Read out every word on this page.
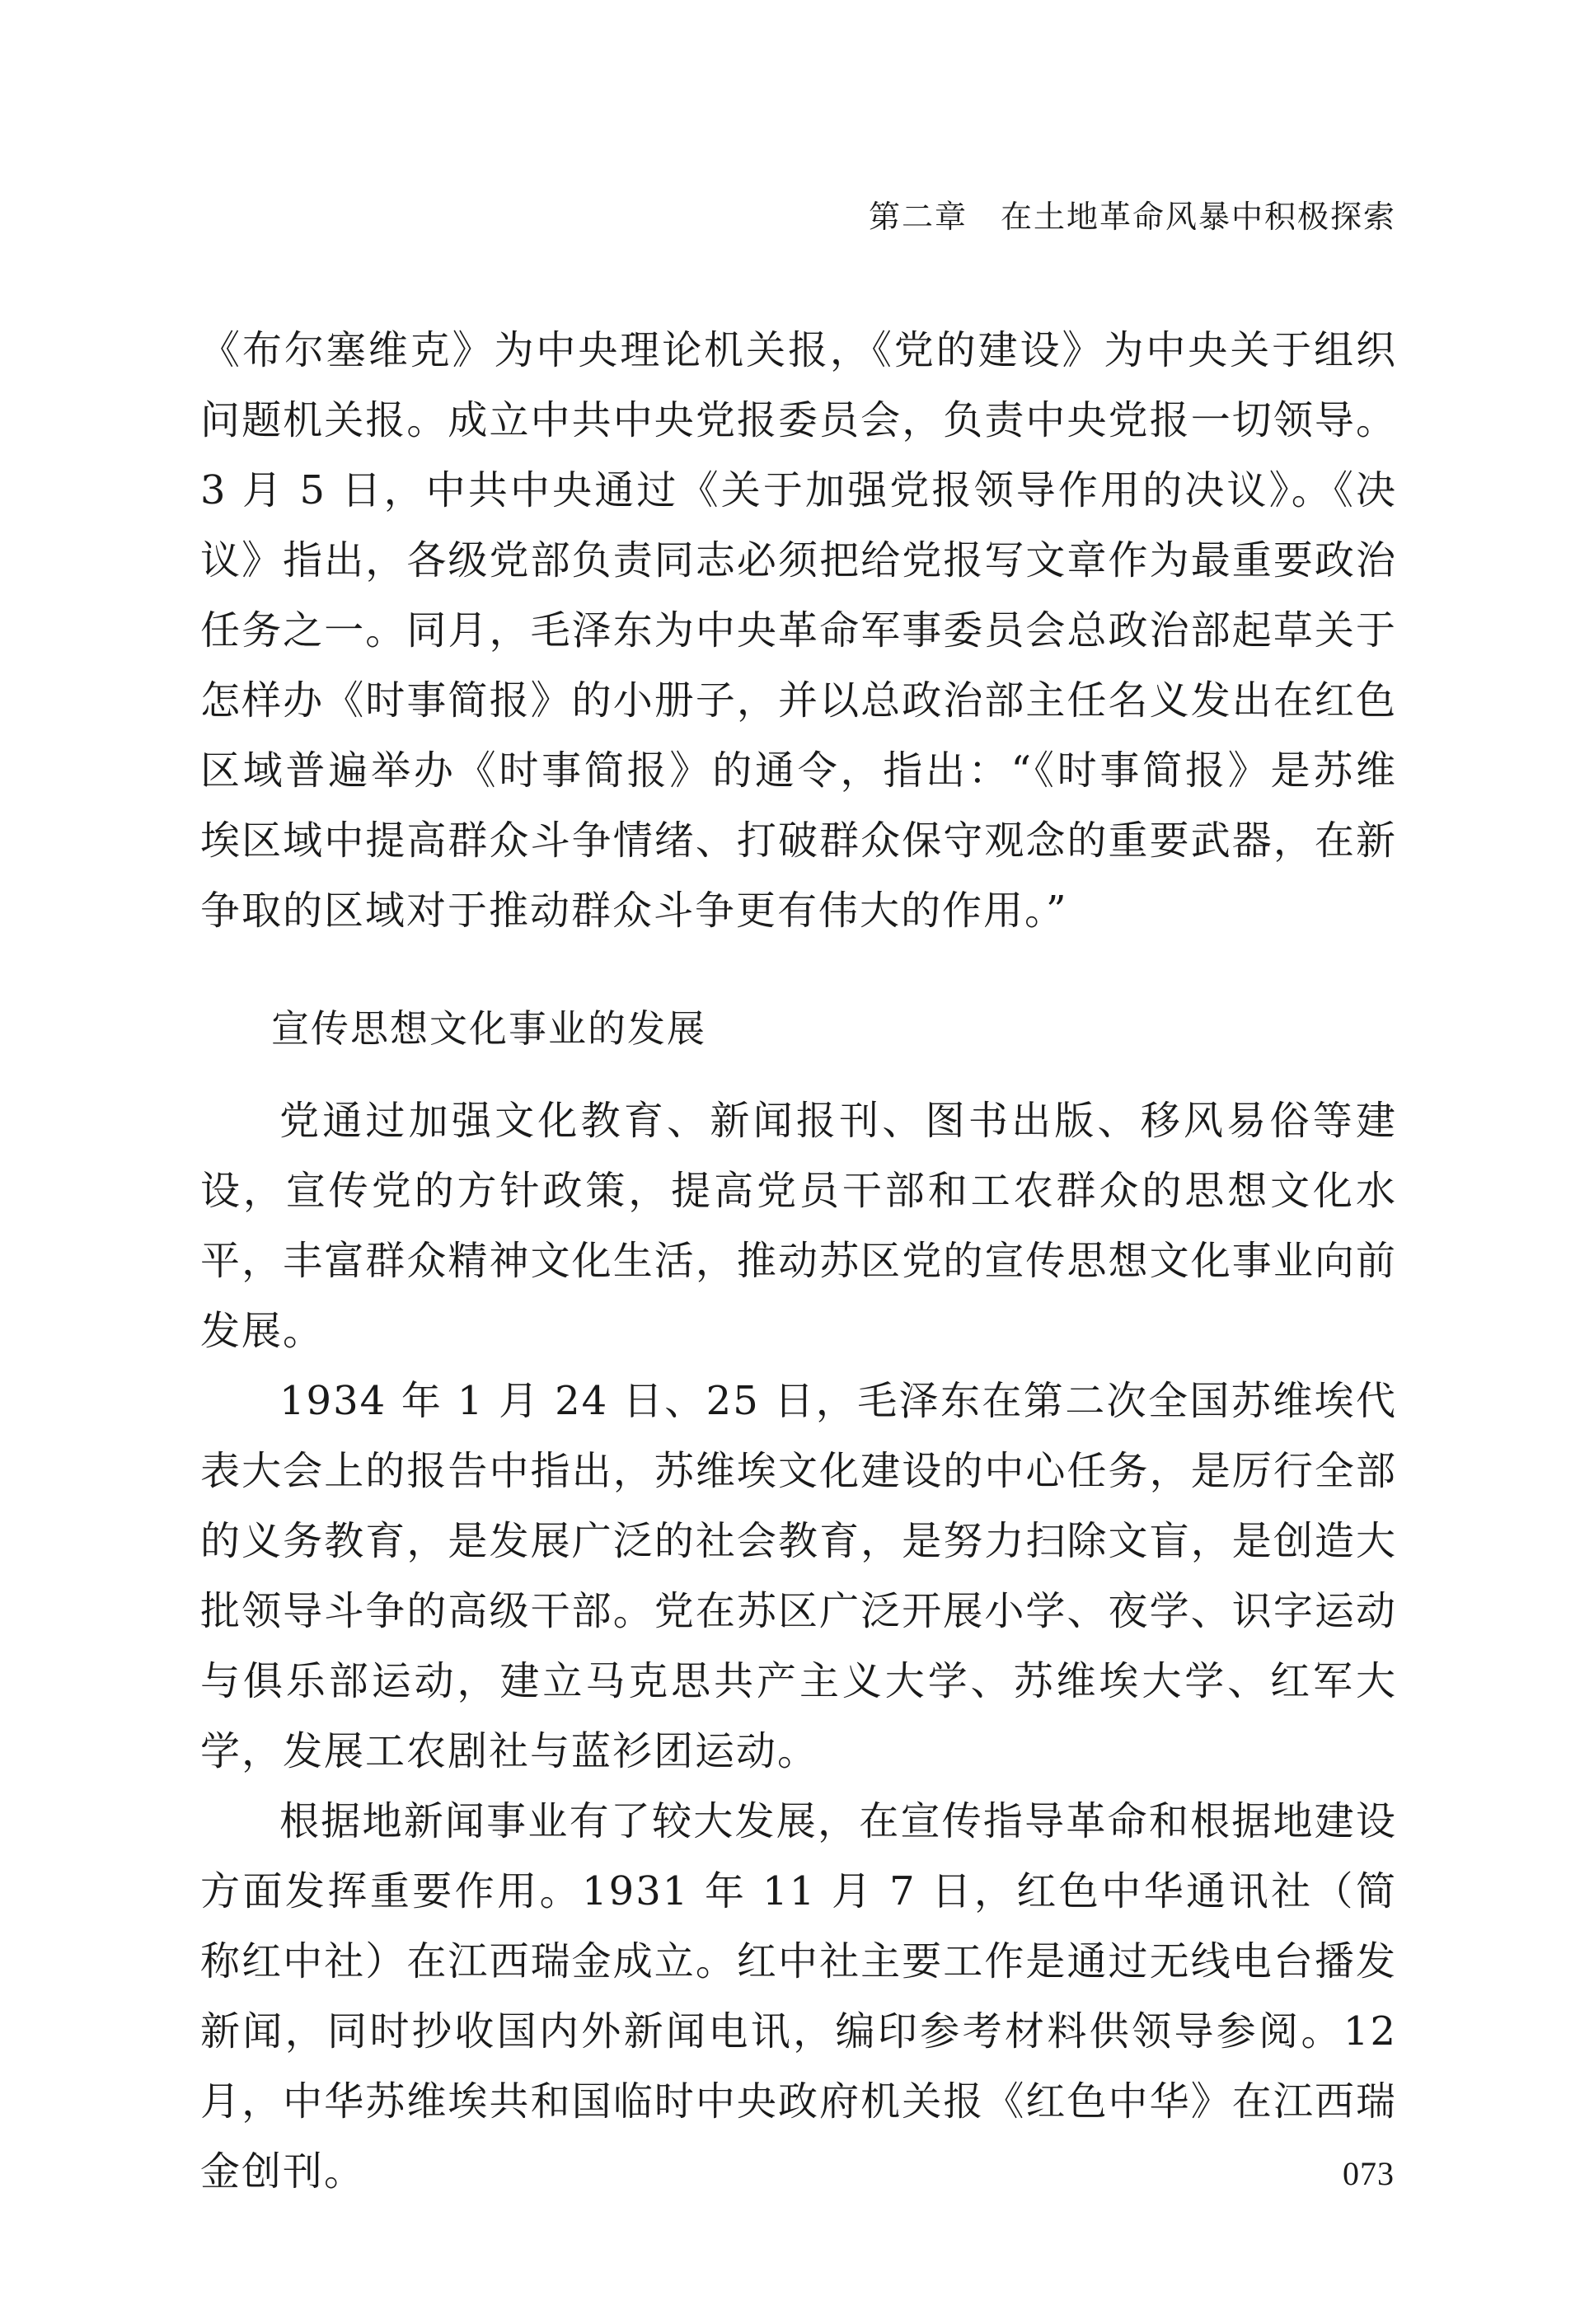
第二章 在土地革命风暴中积极探索

《布尔塞维克》为中央理论机关报，《党的建设》为中央关于组织问题机关报。成立中共中央党报委员会，负责中央党报一切领导。3 月 5 日，中共中央通过《关于加强党报领导作用的决议》。《决议》指出，各级党部负责同志必须把给党报写文章作为最重要政治任务之一。同月，毛泽东为中央革命军事委员会总政治部起草关于怎样办《时事简报》的小册子，并以总政治部主任名义发出在红色区域普遍举办《时事简报》的通令，指出：“《时事简报》是苏维埃区域中提高群众斗争情绪、打破群众保守观念的重要武器，在新争取的区域对于推动群众斗争更有伟大的作用。”

宣传思想文化事业的发展

党通过加强文化教育、新闻报刊、图书出版、移风易俗等建设，宣传党的方针政策，提高党员干部和工农群众的思想文化水平，丰富群众精神文化生活，推动苏区党的宣传思想文化事业向前发展。

1934 年 1 月 24 日、25 日，毛泽东在第二次全国苏维埃代表大会上的报告中指出，苏维埃文化建设的中心任务，是厉行全部的义务教育，是发展广泛的社会教育，是努力扫除文盲，是创造大批领导斗争的高级干部。党在苏区广泛开展小学、夜学、识字运动与俱乐部运动，建立马克思共产主义大学、苏维埃大学、红军大学，发展工农剧社与蓝衫团运动。

根据地新闻事业有了较大发展，在宣传指导革命和根据地建设方面发挥重要作用。1931 年 11 月 7 日，红色中华通讯社（简称红中社）在江西瑞金成立。红中社主要工作是通过无线电台播发新闻，同时抄收国内外新闻电讯，编印参考材料供领导参阅。12 月，中华苏维埃共和国临时中央政府机关报《红色中华》在江西瑞金创刊。	073
